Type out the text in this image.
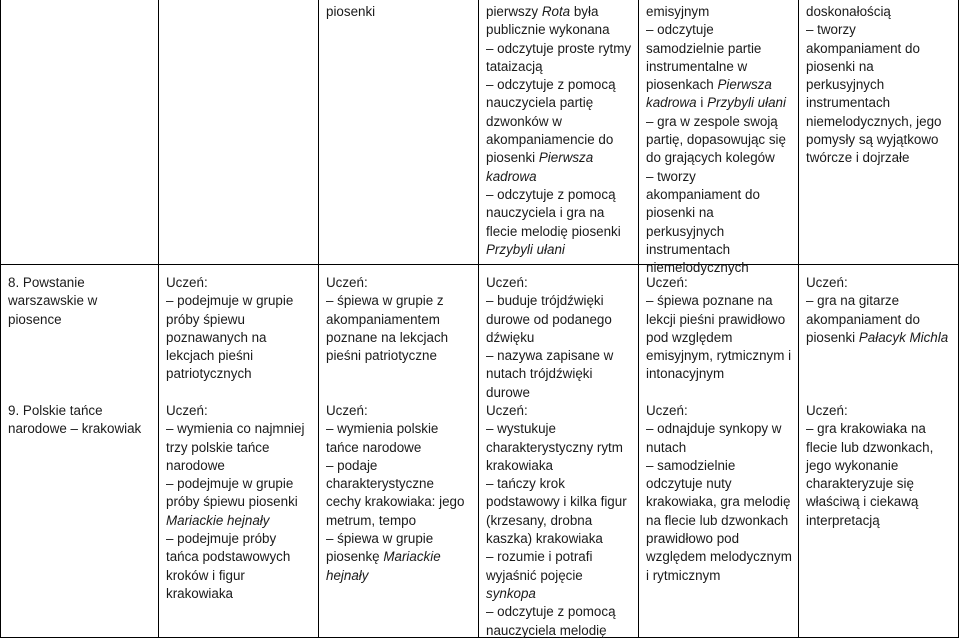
8. Powstanie warszawskie w piosence

9. Polskie tańce narodowe – krakowiak

Uczeń:

– podejmuje w grupie próby śpiewu poznawanych na lekcjach pieśni patriotycznych

Uczeń:

– wymienia co najmniej trzy polskie tańce narodowe

– podejmuje w grupie próby śpiewu piosenki Mariackie hejnały

– podejmuje próby tańca podstawowych kroków i figur krakowiaka

piosenki

Uczeń:

– śpiewa w grupie z akompaniamentem poznane na lekcjach pieśni patriotyczne

Uczeń:

– wymienia polskie tańce narodowe

– podaje charakterystyczne cechy krakowiaka: jego metrum, tempo

– śpiewa w grupie piosenkę Mariackie hejnały

pierwszy Rota była publicznie wykonana

– odczytuje proste rytmy tataizacją

– odczytuje z pomocą nauczyciela partię dzwonków w akompaniamencie do piosenki Pierwsza kadrowa

– odczytuje z pomocą nauczyciela i gra na flecie melodię piosenki Przybyli ułani

Uczeń:

– buduje trójdźwięki durowe od podanego dźwięku

– nazywa zapisane w nutach trójdźwięki durowe

Uczeń:

– wystukuje charakterystyczny rytm krakowiaka

– tańczy krok podstawowy i kilka figur (krzesany, drobna kaszka) krakowiaka

– rozumie i potrafi wyjaśnić pojęcie synkopa

– odczytuje z pomocą nauczyciela melodię

emisyjnym

– odczytuje samodzielnie partie instrumentalne w piosenkach Pierwsza kadrowa i Przybyli ułani

– gra w zespole swoją partię, dopasowując się do grających kolegów

– tworzy akompaniament do piosenki na perkusyjnych instrumentach niemelodycznych

Uczeń:

– śpiewa poznane na lekcji pieśni prawidłowo pod względem emisyjnym, rytmicznym i intonacyjnym

Uczeń:

– odnajduje synkopy w nutach

– samodzielnie odczytuje nuty krakowiaka, gra melodię na flecie lub dzwonkach prawidłowo pod względem melodycznym i rytmicznym

doskonałością

– tworzy akompaniament do piosenki na perkusyjnych instrumentach niemelodycznych, jego pomysły są wyjątkowo twórcze i dojrzałe

Uczeń:

– gra na gitarze akompaniament do piosenki Pałacyk Michla

Uczeń:

– gra krakowiaka na flecie lub dzwonkach, jego wykonanie charakteryzuje się właściwą i ciekawą interpretacją
